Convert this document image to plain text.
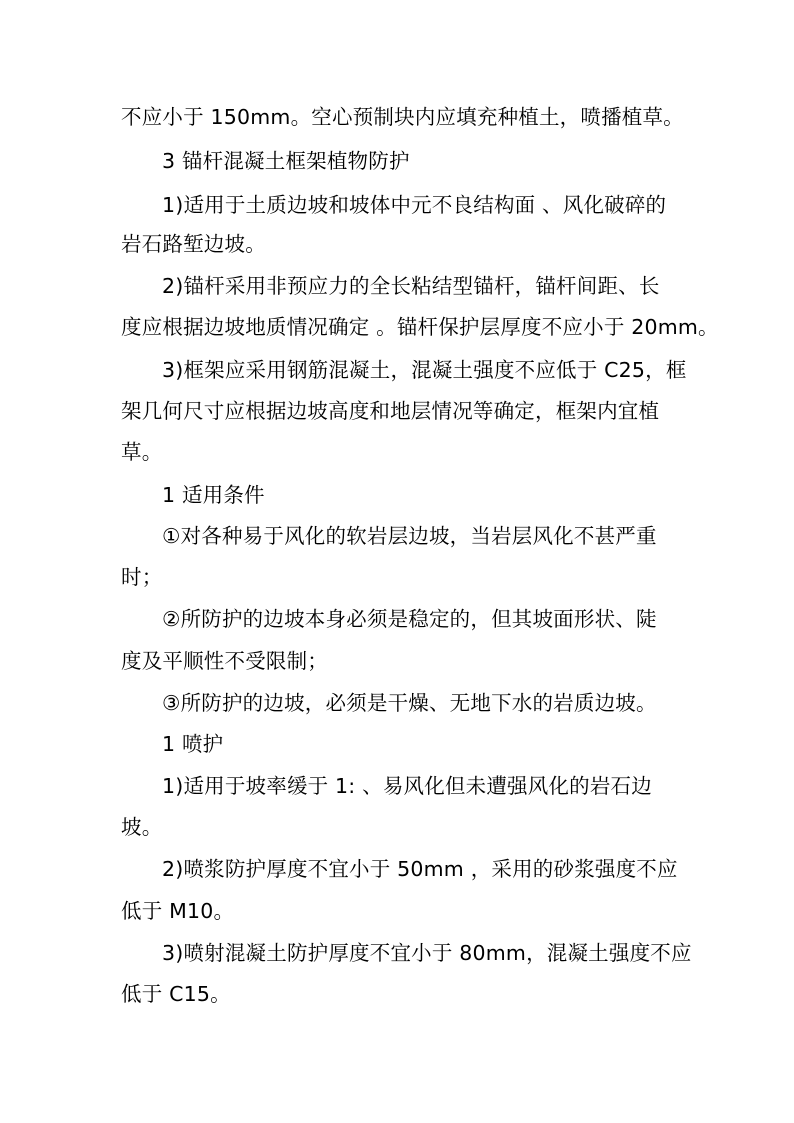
不应小于 150mm。空心预制块内应填充种植土，喷播植草。
3 锚杆混凝土框架植物防护
1)适用于土质边坡和坡体中元不良结构面 、风化破碎的
岩石路堑边坡。
2)锚杆采用非预应力的全长粘结型锚杆，锚杆间距、长
度应根据边坡地质情况确定 。锚杆保护层厚度不应小于 20mm。
3)框架应采用钢筋混凝土，混凝土强度不应低于 C25，框
架几何尺寸应根据边坡高度和地层情况等确定，框架内宜植
草。
1 适用条件
①对各种易于风化的软岩层边坡，当岩层风化不甚严重
时；
②所防护的边坡本身必须是稳定的，但其坡面形状、陡
度及平顺性不受限制；
③所防护的边坡，必须是干燥、无地下水的岩质边坡。
1 喷护
1)适用于坡率缓于 1: 、易风化但未遭强风化的岩石边
坡。
2)喷浆防护厚度不宜小于 50mm ，采用的砂浆强度不应
低于 M10。
3)喷射混凝土防护厚度不宜小于 80mm，混凝土强度不应
低于 C15。
